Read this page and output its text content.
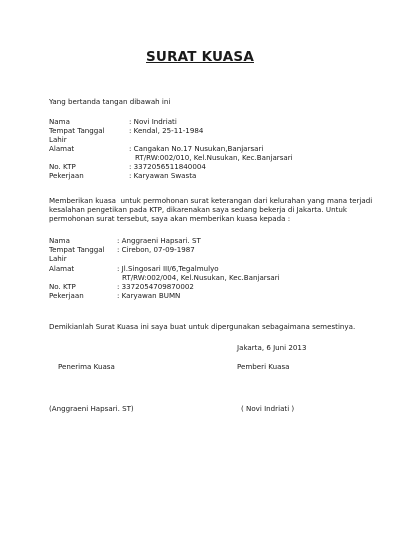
SURAT KUASA
Yang bertanda tangan dibawah ini
Nama	: Novi Indriati
Tempat Tanggal
Lahir
: Kendal, 25-11-1984
Alamat	: Cangakan No.17 Nusukan,Banjarsari
RT/RW:002/010, Kel.Nusukan, Kec.Banjarsari
No. KTP	: 3372056511840004
Pekerjaan	: Karyawan Swasta
Memberikan kuasa  untuk permohonan surat keterangan dari kelurahan yang mana terjadi
kesalahan pengetikan pada KTP, dikarenakan saya sedang bekerja di Jakarta. Untuk
permohonan surat tersebut, saya akan memberikan kuasa kepada :
Nama	: Anggraeni Hapsari. ST
Tempat Tanggal
Lahir
: Cirebon, 07-09-1987
Alamat	: Jl.Singosari III/6,Tegalmulyo
RT/RW:002/004, Kel.Nusukan, Kec.Banjarsari
No. KTP	: 3372054709870002
Pekerjaan	: Karyawan BUMN
Demikianlah Surat Kuasa ini saya buat untuk dipergunakan sebagaimana semestinya.
Jakarta, 6 Juni 2013
Penerima Kuasa	Pemberi Kuasa
(Anggraeni Hapsari. ST)	( Novi Indriati )
